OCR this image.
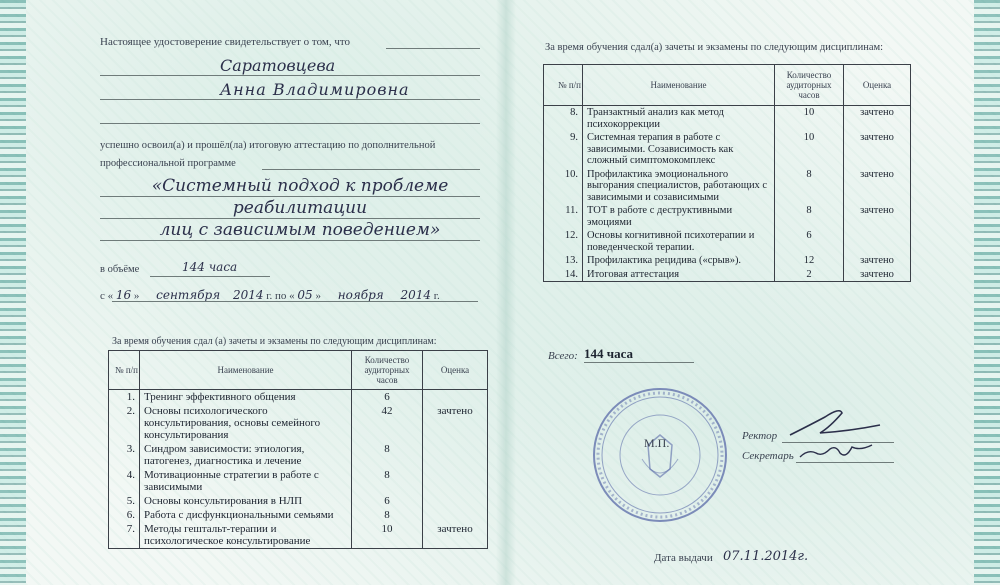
Настоящее удостоверение свидетельствует о том, что
Саратовцева
Анна Владимировна
успешно освоил(а) и прошёл(ла) итоговую аттестацию по дополнительной
профессиональной программе
«Системный подход к проблеме реабилитации
лиц с зависимым поведением»
в объёме	144 часа
с « 16 » сентября 2014 г. по « 05 » ноября 2014 г.
За время обучения сдал (а) зачеты и экзамены по следующим дисциплинам:
№ п/п	Наименование	Количество аудиторных часов	Оценка
1.	Тренинг эффективного общения	6	
2.	Основы психологического консультирования, основы семейного консультирования	42	зачтено
3.	Синдром зависимости: этиология, патогенез, диагностика и лечение	8	
4.	Мотивационные стратегии в работе с зависимыми	8	
5.	Основы консультирования в НЛП	6	
6.	Работа с дисфункциональными семьями	8	
7.	Методы гештальт-терапии и психологическое консультирование	10	зачтено
За время обучения сдал(а) зачеты и экзамены по следующим дисциплинам:
№ п/п	Наименование	Количество аудиторных часов	Оценка
8.	Транзактный анализ как метод психокоррекции	10	зачтено
9.	Системная терапия в работе с зависимыми. Созависимость как сложный симптомокомплекс	10	зачтено
10.	Профилактика эмоционального выгорания специалистов, работающих с зависимыми и созависимыми	8	зачтено
11.	ТОТ в работе с деструктивными эмоциями	8	зачтено
12.	Основы когнитивной психотерапии и поведенческой терапии.	6	
13.	Профилактика рецидива («срыв»).	12	зачтено
14.	Итоговая аттестация	2	зачтено
Всего: 144 часа
М.П.	Ректор
Секретарь
Дата выдачи 07.11.2014г.
